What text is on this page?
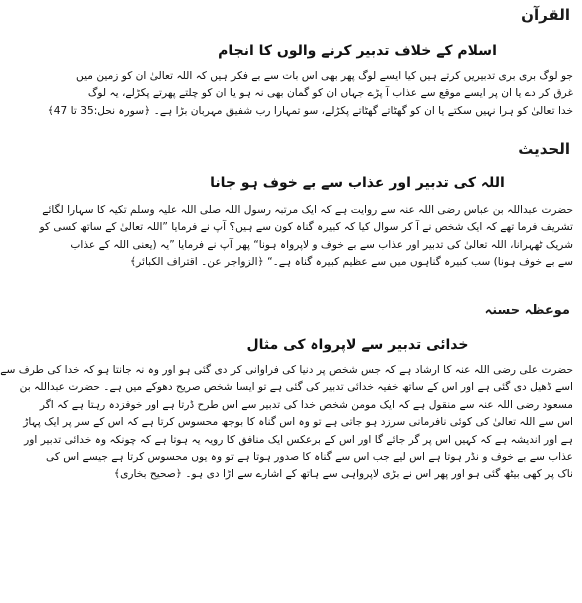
القرآن
اسلام کے خلاف تدبیر کرنے والوں کا انجام
جو لوگ بری بری تدبیریں کرتے ہیں کیا ایسے لوگ پھر بھی اس بات سے بے فکر ہیں کہ اللہ تعالیٰ ان کو زمین میں
غرق کر دے یا ان پر ایسے موقع سے عذاب آ پڑے جہاں ان کو گمان بھی نہ ہو یا ان کو چلتے پھرتے پکڑلے، یہ لوگ
خدا تعالیٰ کو ہرا نہیں سکتے یا ان کو گھٹاتے گھٹاتے پکڑلے، سو تمہارا رب شفیق مہربان بڑا ہے۔ ﴿سورہ نحل:35 تا 47﴾
الحدیث
اللہ کی تدبیر اور عذاب سے بے خوف ہو جانا
حضرت عبداللہ بن عباس رضی اللہ عنہ سے روایت ہے کہ ایک مرتبہ رسول اللہ صلی اللہ علیہ وسلم تکیہ کا سہارا لگائے
تشریف فرما تھے کہ ایک شخص نے آ کر سوال کیا کہ کبیرہ گناہ کون سے ہیں؟ آپ نے فرمایا ”اللہ تعالیٰ کے ساتھ کسی کو
شریک ٹھہرانا، اللہ تعالیٰ کی تدبیر اور عذاب سے بے خوف و لاپرواہ ہونا“ پھر آپ نے فرمایا ”یہ (یعنی اللہ کے عذاب
سے بے خوف ہونا) سب کبیرہ گناہوں میں سے عظیم کبیرہ گناہ ہے۔“ ﴿الزواجر عن۔ اقتراف الکبائر﴾
موعظہ حسنہ
خدائی تدبیر سے لاپرواہ کی مثال
حضرت علی رضی اللہ عنہ کا ارشاد ہے کہ جس شخص پر دنیا کی فراوانی کر دی گئی ہو اور وہ نہ جانتا ہو کہ خدا کی طرف سے
اسے ڈھیل دی گئی ہے اور اس کے ساتھ خفیہ خدائی تدبیر کی گئی ہے تو ایسا شخص صریح دھوکے میں ہے۔ حضرت عبداللہ بن
مسعود رضی اللہ عنہ سے منقول ہے کہ ایک مومن شخص خدا کی تدبیر سے اس طرح ڈرتا ہے اور خوفزدہ رہتا ہے کہ اگر
اس سے اللہ تعالیٰ کی کوئی نافرمانی سرزد ہو جاتی ہے تو وہ اس گناہ کا بوجھ محسوس کرتا ہے کہ اس کے سر پر ایک پہاڑ
ہے اور اندیشہ ہے کہ کہیں اس پر گر جائے گا اور اس کے برعکس ایک منافق کا رویہ یہ ہوتا ہے کہ چونکہ وہ خدائی تدبیر اور
عذاب سے بے خوف و نڈر ہوتا ہے اس لیے جب اس سے گناہ کا صدور ہوتا ہے تو وہ یوں محسوس کرتا ہے جیسے اس کی
ناک پر کھی بیٹھ گئی ہو اور پھر اس نے بڑی لاپرواہی سے ہاتھ کے اشارے سے اڑا دی ہو۔ ﴿صحیح بخاری﴾
